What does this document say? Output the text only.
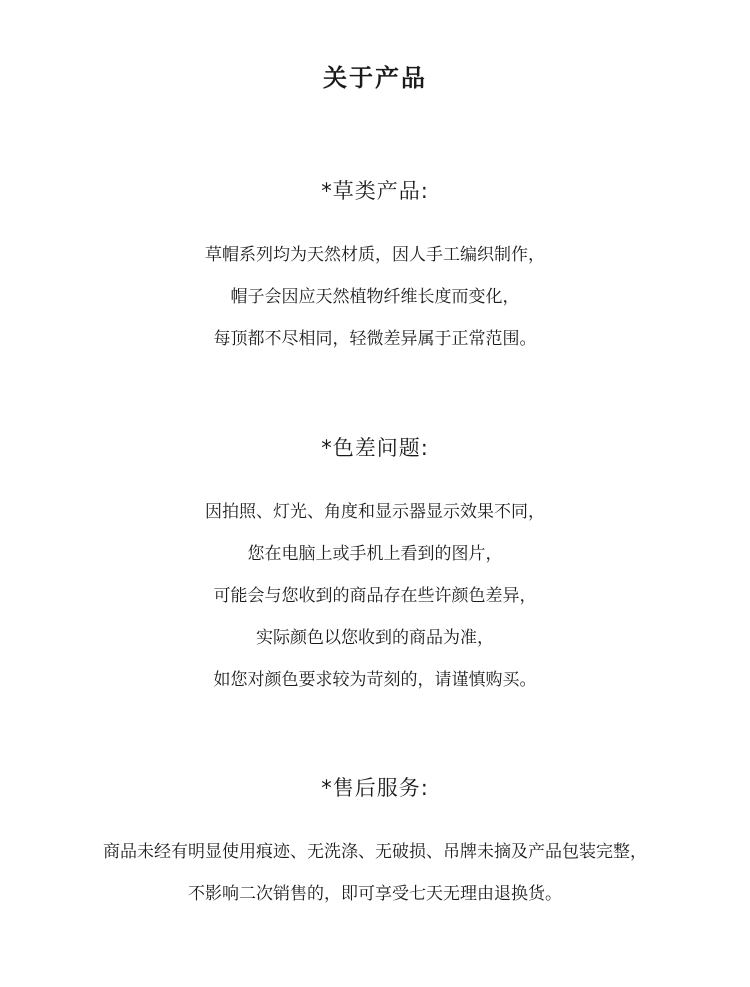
关于产品
*草类产品:
草帽系列均为天然材质，因人手工编织制作，
帽子会因应天然植物纤维长度而变化，
每顶都不尽相同，轻微差异属于正常范围。
*色差问题:
因拍照、灯光、角度和显示器显示效果不同，
您在电脑上或手机上看到的图片，
可能会与您收到的商品存在些许颜色差异，
实际颜色以您收到的商品为准，
如您对颜色要求较为苛刻的，请谨慎购买。
*售后服务:
商品未经有明显使用痕迹、无洗涤、无破损、吊牌未摘及产品包装完整，
不影响二次销售的，即可享受七天无理由退换货。
